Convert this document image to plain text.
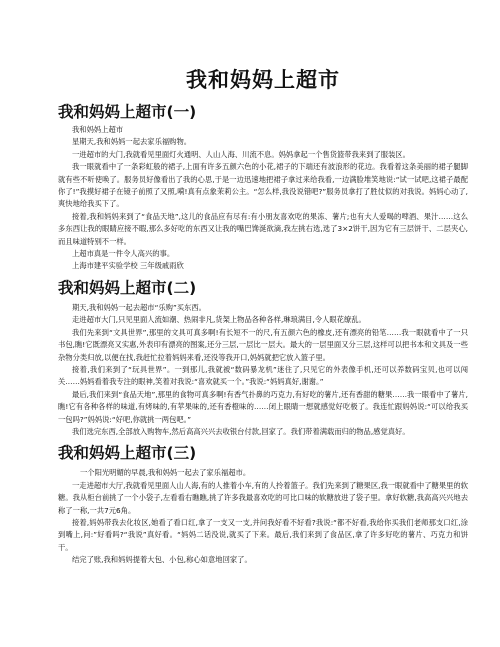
我和妈妈上超市
我和妈妈上超市(一)

我和妈妈上超市

星期天,我和妈妈一起去家乐福购物。

一进超市的大门,我就看见里面灯火通明、人山人海、川流不息。妈妈拿起一个售货篮带我来到了服装区。

我一眼就看中了一条彩虹般的裙子,上面有许多五颜六色的小花,裙子的下端还有波浪形的花边。我看着这条美丽的裙子腿脚就有些不听使唤了。服务员好像看出了我的心思,于是一边迅速地把裙子拿过来给我看,一边满脸堆笑地说:“试一试吧,这裙子最配你了!”我摸好裙子在镜子前照了又照,嗬!真有点象茉莉公主。“怎么样,我没说错吧?”服务员拿打了胜仗似的对我说。妈妈心动了,爽快地给我买下了。

接着,我和妈妈来到了“食品天地”,这儿的食品应有尽有:有小朋友喜欢吃的果冻、薯片;也有大人爱喝的啤酒、果汁……这么多东西让我的眼睛应接不暇,那么多好吃的东西又让我的嘴巴馋涎欲滴,我左挑右选,选了3×2饼干,因为它有三层饼干、二层夹心,而且味道特别不一样。

上超市真是一件令人高兴的事。

上海市建平实验学校 三年级戚雨欣

我和妈妈上超市(二)

期天,我和妈妈一起去超市“乐购”买东西。

走进超市大门,只见里面人流如潮、热闹非凡,货架上物品各种各样,琳琅满目,令人眼花缭乱。

我们先来到“文具世界”,那里的文具可真多啊!有长短不一的尺,有五颜六色的橡皮,还有漂亮的铅笔……我一眼就看中了一只书包,瞧!它既漂亮又实惠,外表印有漂亮的图案,还分三层,一层比一层大。最大的一层里面又分三层,这样可以把书本和文具及一些杂物分类归放,以便在找,我赶忙拉着妈妈来看,还没等我开口,妈妈就把它放入篮子里。

接着,我们来到了“玩具世界”。一到那儿,我就被“数码暴龙机”迷住了,只见它的外表像手机,还可以养数码宝贝,也可以闯关……妈妈看着我专注的眼神,笑着对我说:“喜欢就买一个。”我说:“妈妈真好,谢谢。”

最后,我们来到“食品天地”,那里的食物可真多啊!有香气扑鼻的巧克力,有好吃的薯片,还有香甜的糖果……我一眼看中了薯片,瞧!它有各种各样的味道,有烤味的,有苹果味的,还有香橙味的……闭上眼睛一想就感觉好吃极了。我连忙跟妈妈说:“可以给我买一包吗?”妈妈说:“好吧,你就挑一两包吧。”

我们选完东西,全部放入购物车,然后高高兴兴去收银台付款,回家了。我们带着满载而归的物品,感觉真好。

我和妈妈上超市(三)

一个阳光明媚的早晨,我和妈妈一起去了家乐福超市。

一走进超市大厅,我就看见里面人山人海,有的人推着小车,有的人拎着篮子。我们先来到了糖果区,我一眼就看中了糖果里的软糖。我从柜台前挑了一个小袋子,左看看右瞧瞧,挑了许多我最喜欢吃的可比口味的软糖放进了袋子里。拿好软糖,我高高兴兴地去称了一称,一共7元6角。

接着,妈妈带我去化妆区,她看了看口红,拿了一支又一支,并问我好看不好看?我说:“都不好看,我给你买我们老师那支口红,涂到嘴上,问:”好看吗?“我说”真好看。“妈妈二话没说,就买了下来。最后,我们来到了食品区,拿了许多好吃的薯片、巧克力和饼干。

结完了账,我和妈妈提着大包、小包,称心如意地回家了。
